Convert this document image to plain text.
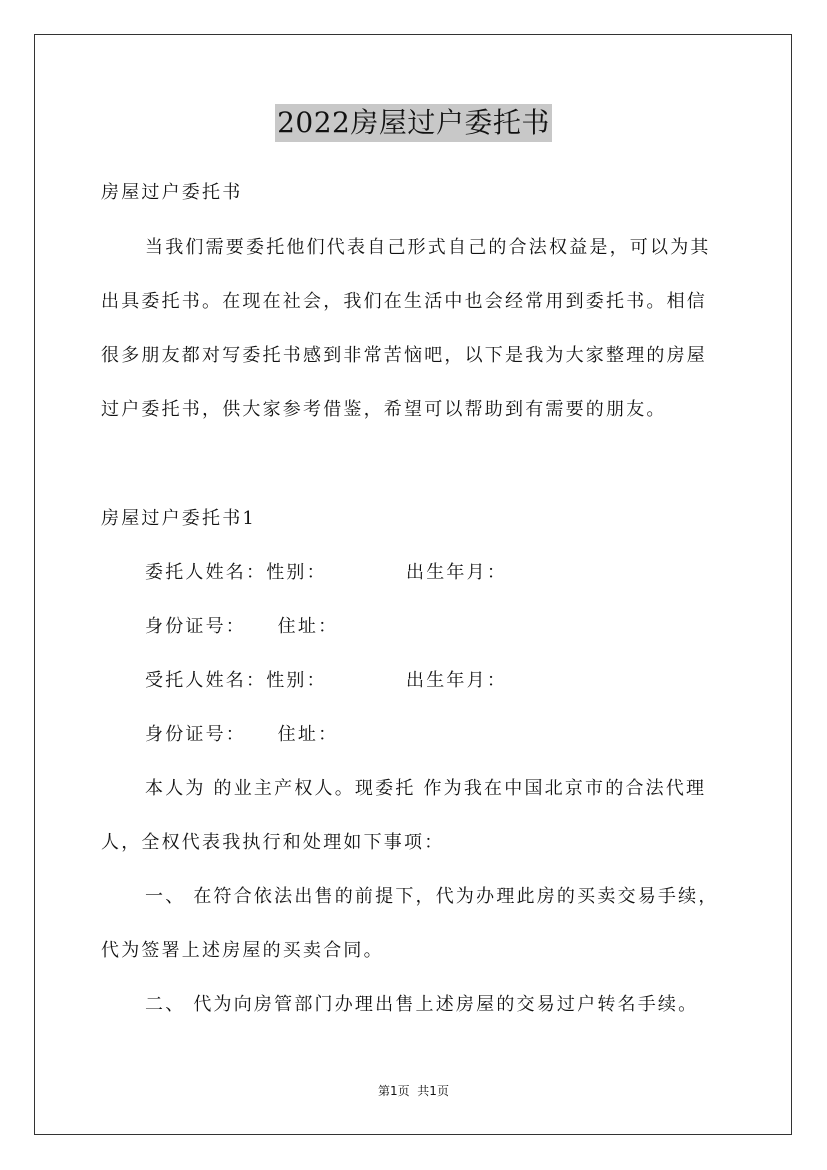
2022房屋过户委托书
房屋过户委托书
当我们需要委托他们代表自己形式自己的合法权益是，可以为其
出具委托书。在现在社会，我们在生活中也会经常用到委托书。相信
很多朋友都对写委托书感到非常苦恼吧，以下是我为大家整理的房屋
过户委托书，供大家参考借鉴，希望可以帮助到有需要的朋友。
房屋过户委托书1
委托人姓名：性别：          出生年月：
身份证号：    住址：
受托人姓名：性别：          出生年月：
身份证号：    住址：
本人为 的业主产权人。现委托 作为我在中国北京市的合法代理
人，全权代表我执行和处理如下事项：
一、 在符合依法出售的前提下，代为办理此房的买卖交易手续，
代为签署上述房屋的买卖合同。
二、 代为向房管部门办理出售上述房屋的交易过户转名手续。
第1页  共1页
